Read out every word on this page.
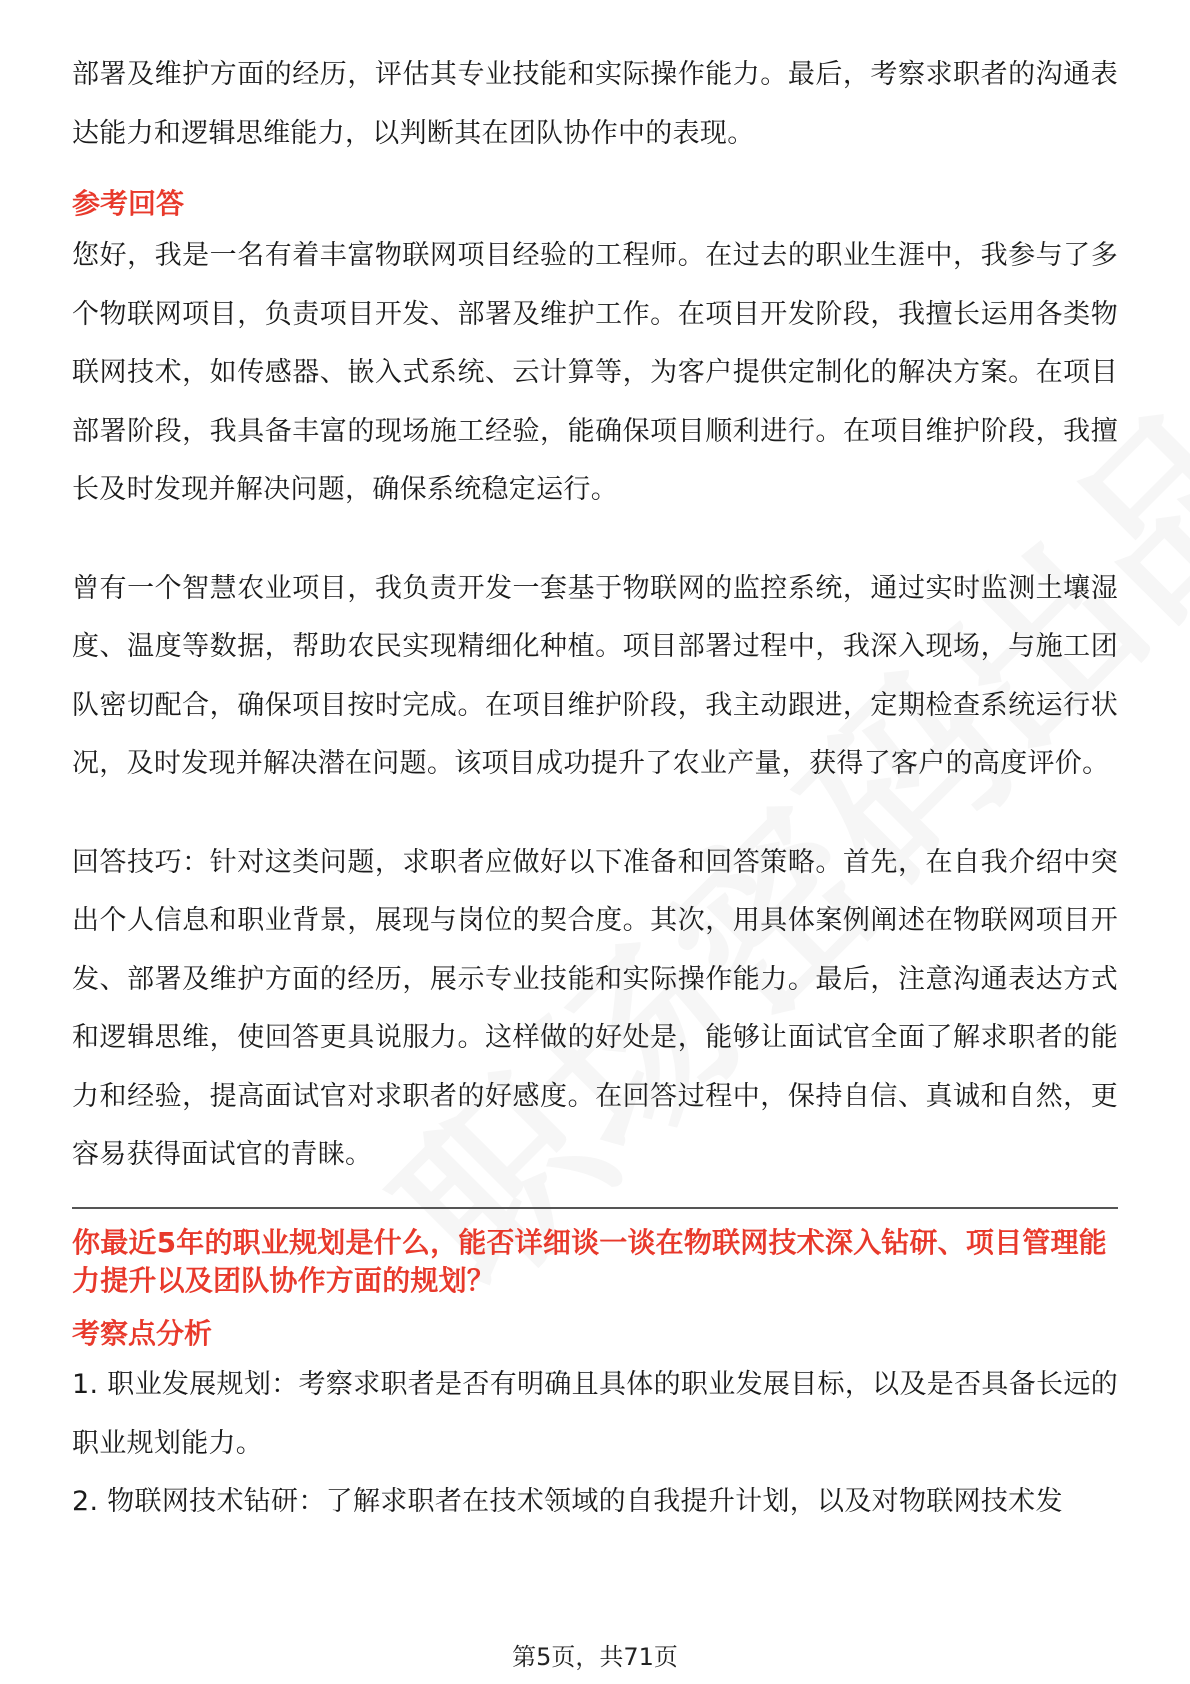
部署及维护方面的经历，评估其专业技能和实际操作能力。最后，考察求职者的沟通表达能力和逻辑思维能力，以判断其在团队协作中的表现。

参考回答

您好，我是一名有着丰富物联网项目经验的工程师。在过去的职业生涯中，我参与了多个物联网项目，负责项目开发、部署及维护工作。在项目开发阶段，我擅长运用各类物联网技术，如传感器、嵌入式系统、云计算等，为客户提供定制化的解决方案。在项目部署阶段，我具备丰富的现场施工经验，能确保项目顺利进行。在项目维护阶段，我擅长及时发现并解决问题，确保系统稳定运行。

曾有一个智慧农业项目，我负责开发一套基于物联网的监控系统，通过实时监测土壤湿度、温度等数据，帮助农民实现精细化种植。项目部署过程中，我深入现场，与施工团队密切配合，确保项目按时完成。在项目维护阶段，我主动跟进，定期检查系统运行状况，及时发现并解决潜在问题。该项目成功提升了农业产量，获得了客户的高度评价。

回答技巧：针对这类问题，求职者应做好以下准备和回答策略。首先，在自我介绍中突出个人信息和职业背景，展现与岗位的契合度。其次，用具体案例阐述在物联网项目开发、部署及维护方面的经历，展示专业技能和实际操作能力。最后，注意沟通表达方式和逻辑思维，使回答更具说服力。这样做的好处是，能够让面试官全面了解求职者的能力和经验，提高面试官对求职者的好感度。在回答过程中，保持自信、真诚和自然，更容易获得面试官的青睐。

你最近5年的职业规划是什么，能否详细谈一谈在物联网技术深入钻研、项目管理能力提升以及团队协作方面的规划？

考察点分析

1. 职业发展规划：考察求职者是否有明确且具体的职业发展目标，以及是否具备长远的职业规划能力。

2. 物联网技术钻研：了解求职者在技术领域的自我提升计划，以及对物联网技术发

第5页，共71页
